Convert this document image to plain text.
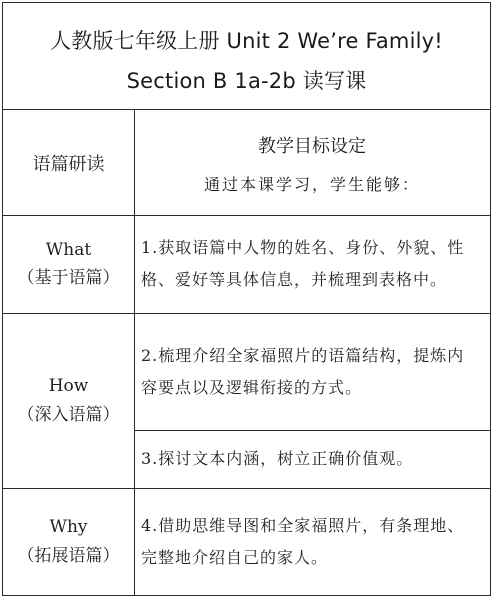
人教版七年级上册 Unit 2 We’re Family!
Section B 1a-2b 读写课
语篇研读
教学目标设定
通过本课学习，学生能够：
What
（基于语篇）
1.获取语篇中人物的姓名、身份、外貌、性格、爱好等具体信息，并梳理到表格中。
How
（深入语篇）
2.梳理介绍全家福照片的语篇结构，提炼内容要点以及逻辑衔接的方式。
3.探讨文本内涵，树立正确价值观。
Why
（拓展语篇）
4.借助思维导图和全家福照片，有条理地、完整地介绍自己的家人。
